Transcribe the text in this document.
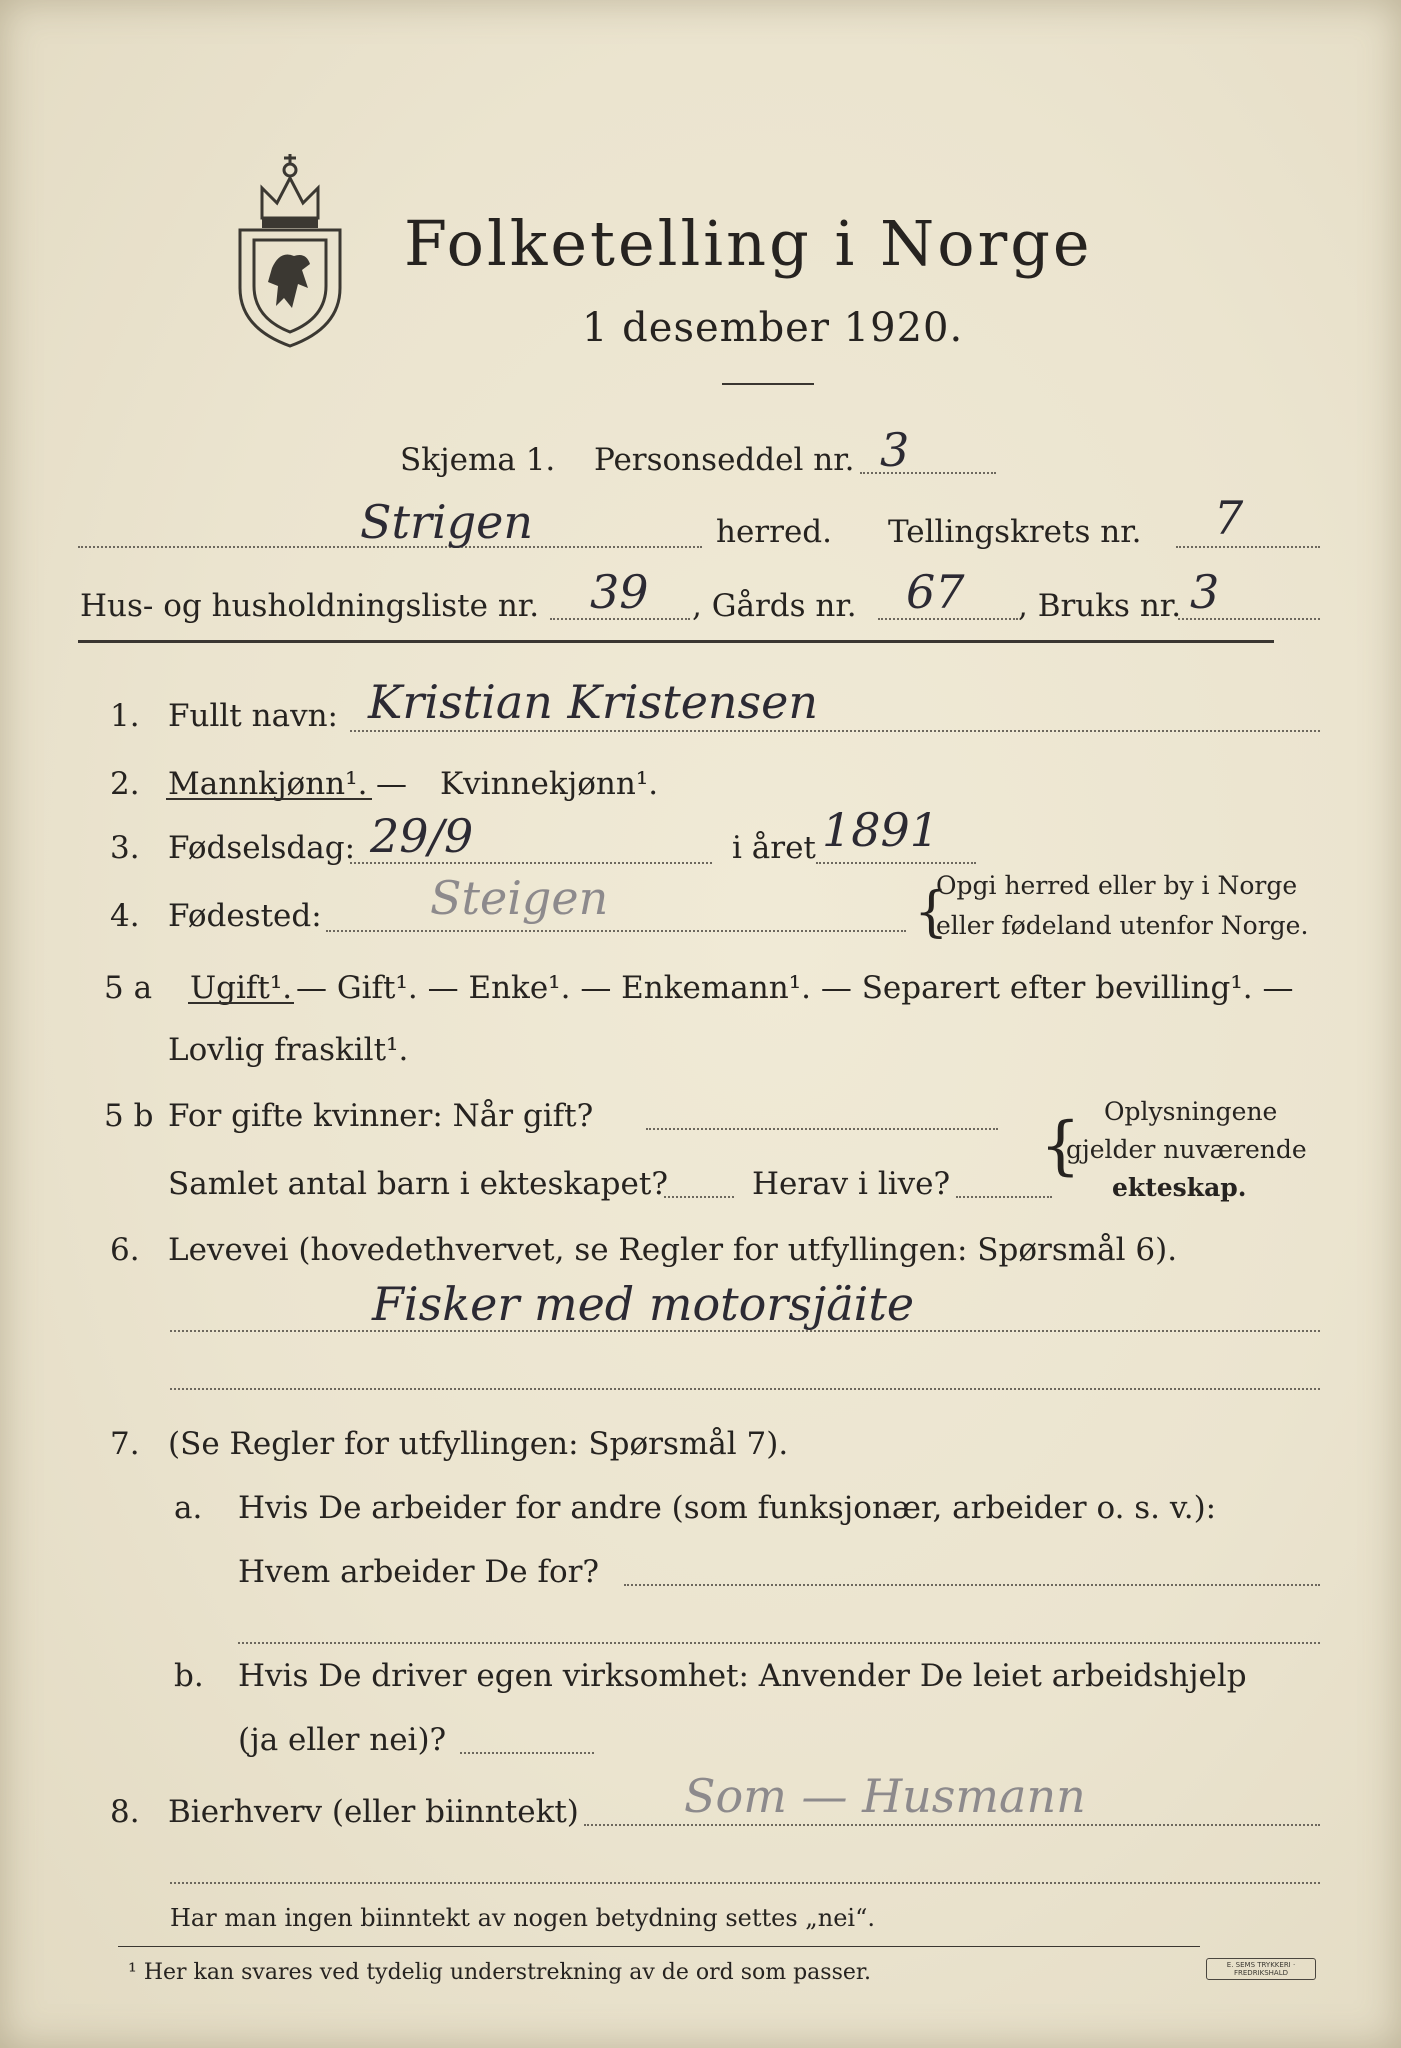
Folketelling i Norge
1 desember 1920.
Skjema 1. Personseddel nr. 3
Strigen	herred. Tellingskrets nr. 7
Hus- og husholdningsliste nr. 39 , Gårds nr. 67 , Bruks nr. 3
1. Fullt navn: Kristian Kristensen
2. Mannkjønn¹. — Kvinnekjønn¹.
3. Fødselsdag: 29/9	i året 1891
4. Fødested: Steigen	{
Opgi herred eller by i Norge
eller fødeland utenfor Norge.
5 a Ugift¹. — Gift¹. — Enke¹. — Enkemann¹. — Separert efter bevilling¹. —
Lovlig fraskilt¹.
5 b For gifte kvinner: Når gift?
Samlet antal barn i ekteskapet?	Herav i live?
{ Oplysningene
gjelder nuværende
ekteskap.
6. Levevei (hovedethvervet, se Regler for utfyllingen: Spørsmål 6).
Fisker med motorsjäite
7. (Se Regler for utfyllingen: Spørsmål 7).
a. Hvis De arbeider for andre (som funksjonær, arbeider o. s. v.):
Hvem arbeider De for?
b. Hvis De driver egen virksomhet: Anvender De leiet arbeidshjelp
(ja eller nei)?
8. Bierhverv (eller biinntekt) Som — Husmann
Har man ingen biinntekt av nogen betydning settes „nei“.
¹ Her kan svares ved tydelig understrekning av de ord som passer.	E. SEMS TRYKKERI · FREDRIKSHALD
